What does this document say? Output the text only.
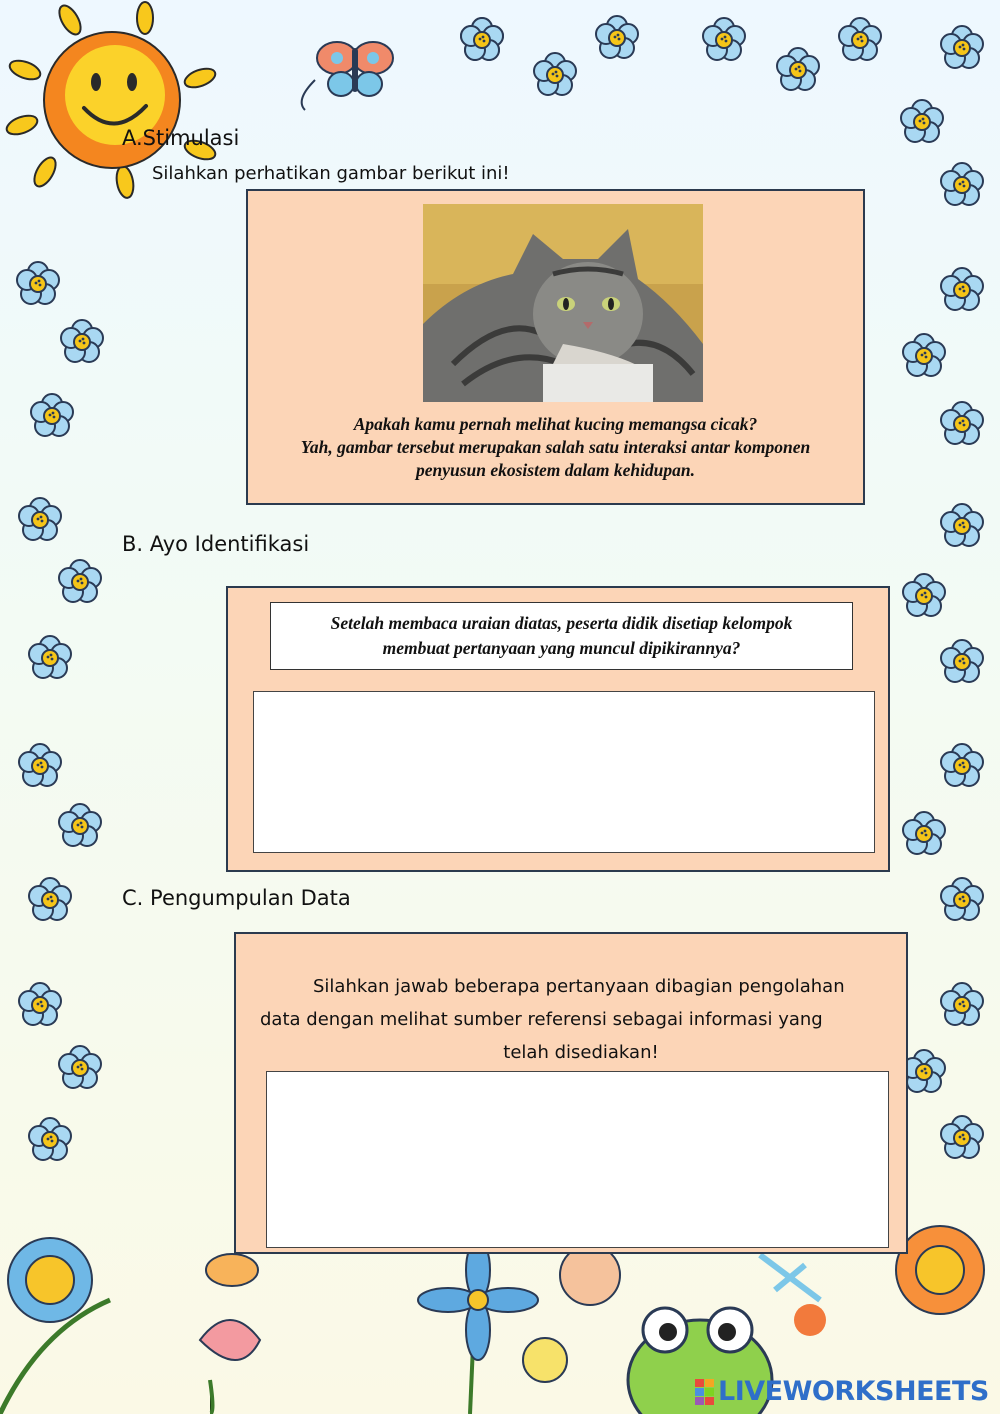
A.Stimulasi
Silahkan perhatikan gambar berikut ini!
Apakah kamu pernah melihat kucing memangsa cicak?
Yah, gambar tersebut merupakan salah satu interaksi antar komponen
penyusun ekosistem dalam kehidupan.
B. Ayo Identifikasi
Setelah membaca uraian diatas, peserta didik disetiap kelompok
membuat pertanyaan yang muncul dipikirannya?
C. Pengumpulan Data
Silahkan jawab beberapa pertanyaan dibagian pengolahan
data dengan melihat sumber referensi sebagai informasi yang
telah disediakan!
LIVEWORKSHEETS
